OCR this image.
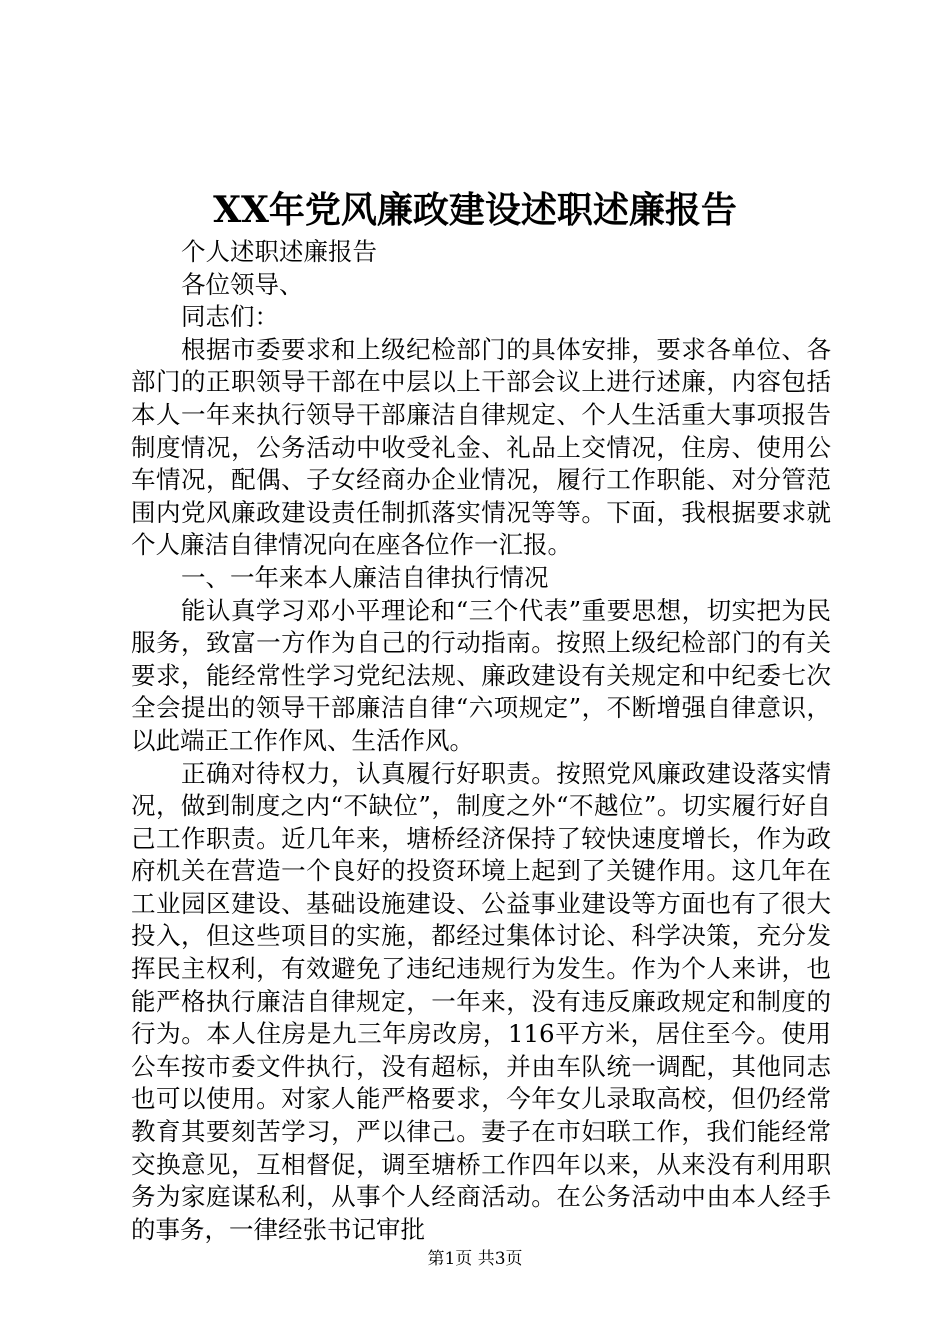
XX年党风廉政建设述职述廉报告

个人述职述廉报告

各位领导、

同志们：

根据市委要求和上级纪检部门的具体安排，要求各单位、各部门的正职领导干部在中层以上干部会议上进行述廉，内容包括本人一年来执行领导干部廉洁自律规定、个人生活重大事项报告制度情况，公务活动中收受礼金、礼品上交情况，住房、使用公车情况，配偶、子女经商办企业情况，履行工作职能、对分管范围内党风廉政建设责任制抓落实情况等等。下面，我根据要求就个人廉洁自律情况向在座各位作一汇报。

一、一年来本人廉洁自律执行情况

能认真学习邓小平理论和“三个代表”重要思想，切实把为民服务，致富一方作为自己的行动指南。按照上级纪检部门的有关要求，能经常性学习党纪法规、廉政建设有关规定和中纪委七次全会提出的领导干部廉洁自律“六项规定”，不断增强自律意识，以此端正工作作风、生活作风。

正确对待权力，认真履行好职责。按照党风廉政建设落实情况，做到制度之内“不缺位”，制度之外“不越位”。切实履行好自己工作职责。近几年来，塘桥经济保持了较快速度增长，作为政府机关在营造一个良好的投资环境上起到了关键作用。这几年在工业园区建设、基础设施建设、公益事业建设等方面也有了很大投入，但这些项目的实施，都经过集体讨论、科学决策，充分发挥民主权利，有效避免了违纪违规行为发生。作为个人来讲，也能严格执行廉洁自律规定，一年来，没有违反廉政规定和制度的行为。本人住房是九三年房改房，116平方米，居住至今。使用公车按市委文件执行，没有超标，并由车队统一调配，其他同志也可以使用。对家人能严格要求，今年女儿录取高校，但仍经常教育其要刻苦学习，严以律己。妻子在市妇联工作，我们能经常交换意见，互相督促，调至塘桥工作四年以来，从来没有利用职务为家庭谋私利，从事个人经商活动。在公务活动中由本人经手的事务，一律经张书记审批

第1页 共3页
